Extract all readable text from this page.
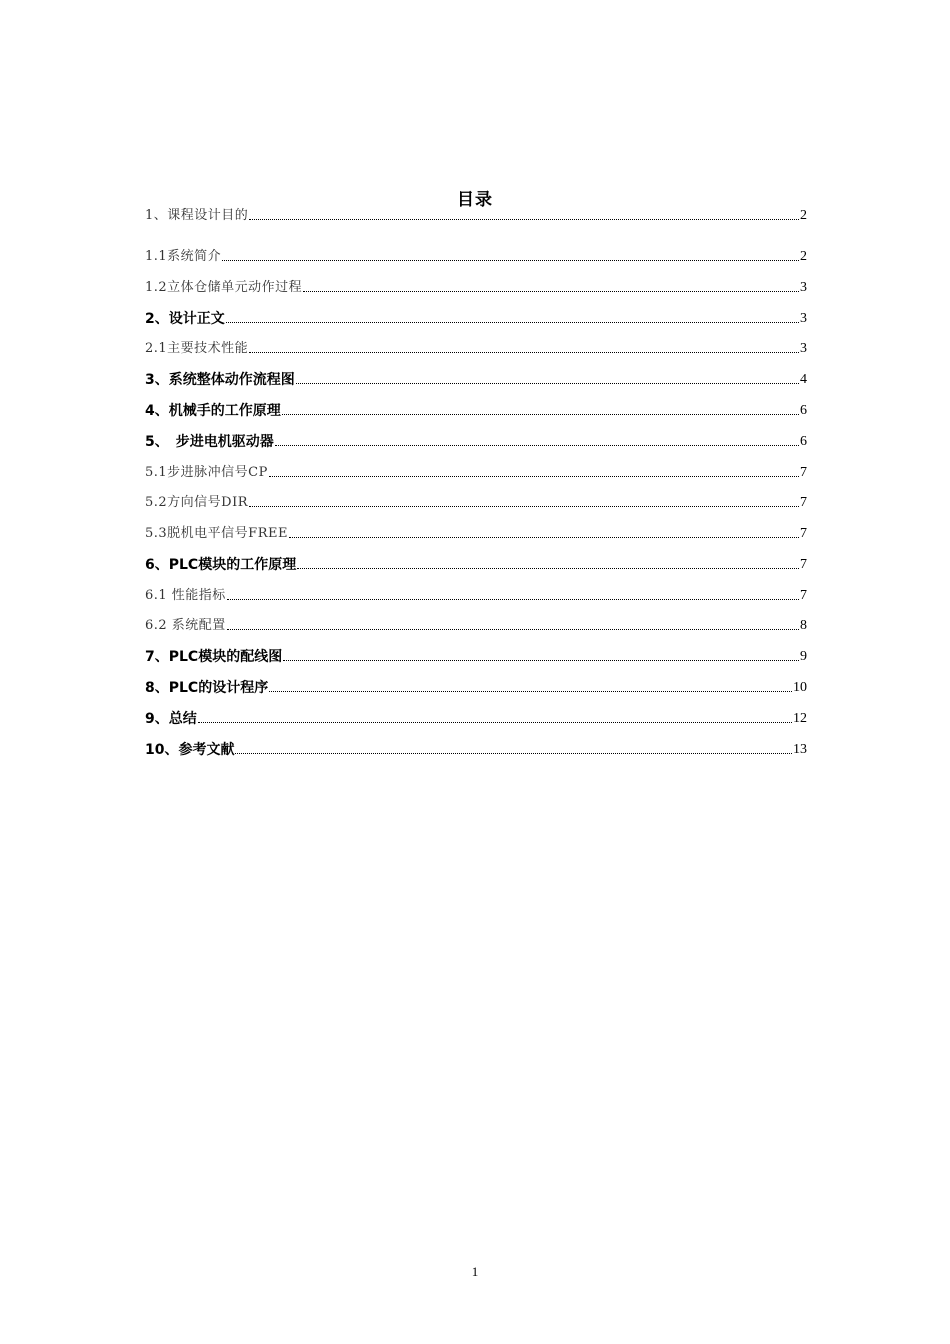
目录
1、课程设计目的	2
1.1系统简介	2
1.2立体仓储单元动作过程	3
2、设计正文	3
2.1主要技术性能	3
3、系统整体动作流程图	4
4、机械手的工作原理	6
5、　步进电机驱动器	6
5.1步进脉冲信号CP	7
5.2方向信号DIR	7
5.3脱机电平信号FREE	7
6、PLC模块的工作原理	7
6.1 性能指标	7
6.2 系统配置	8
7、PLC模块的配线图	9
8、PLC的设计程序	10
9、总结	12
10、参考文献	13
1
